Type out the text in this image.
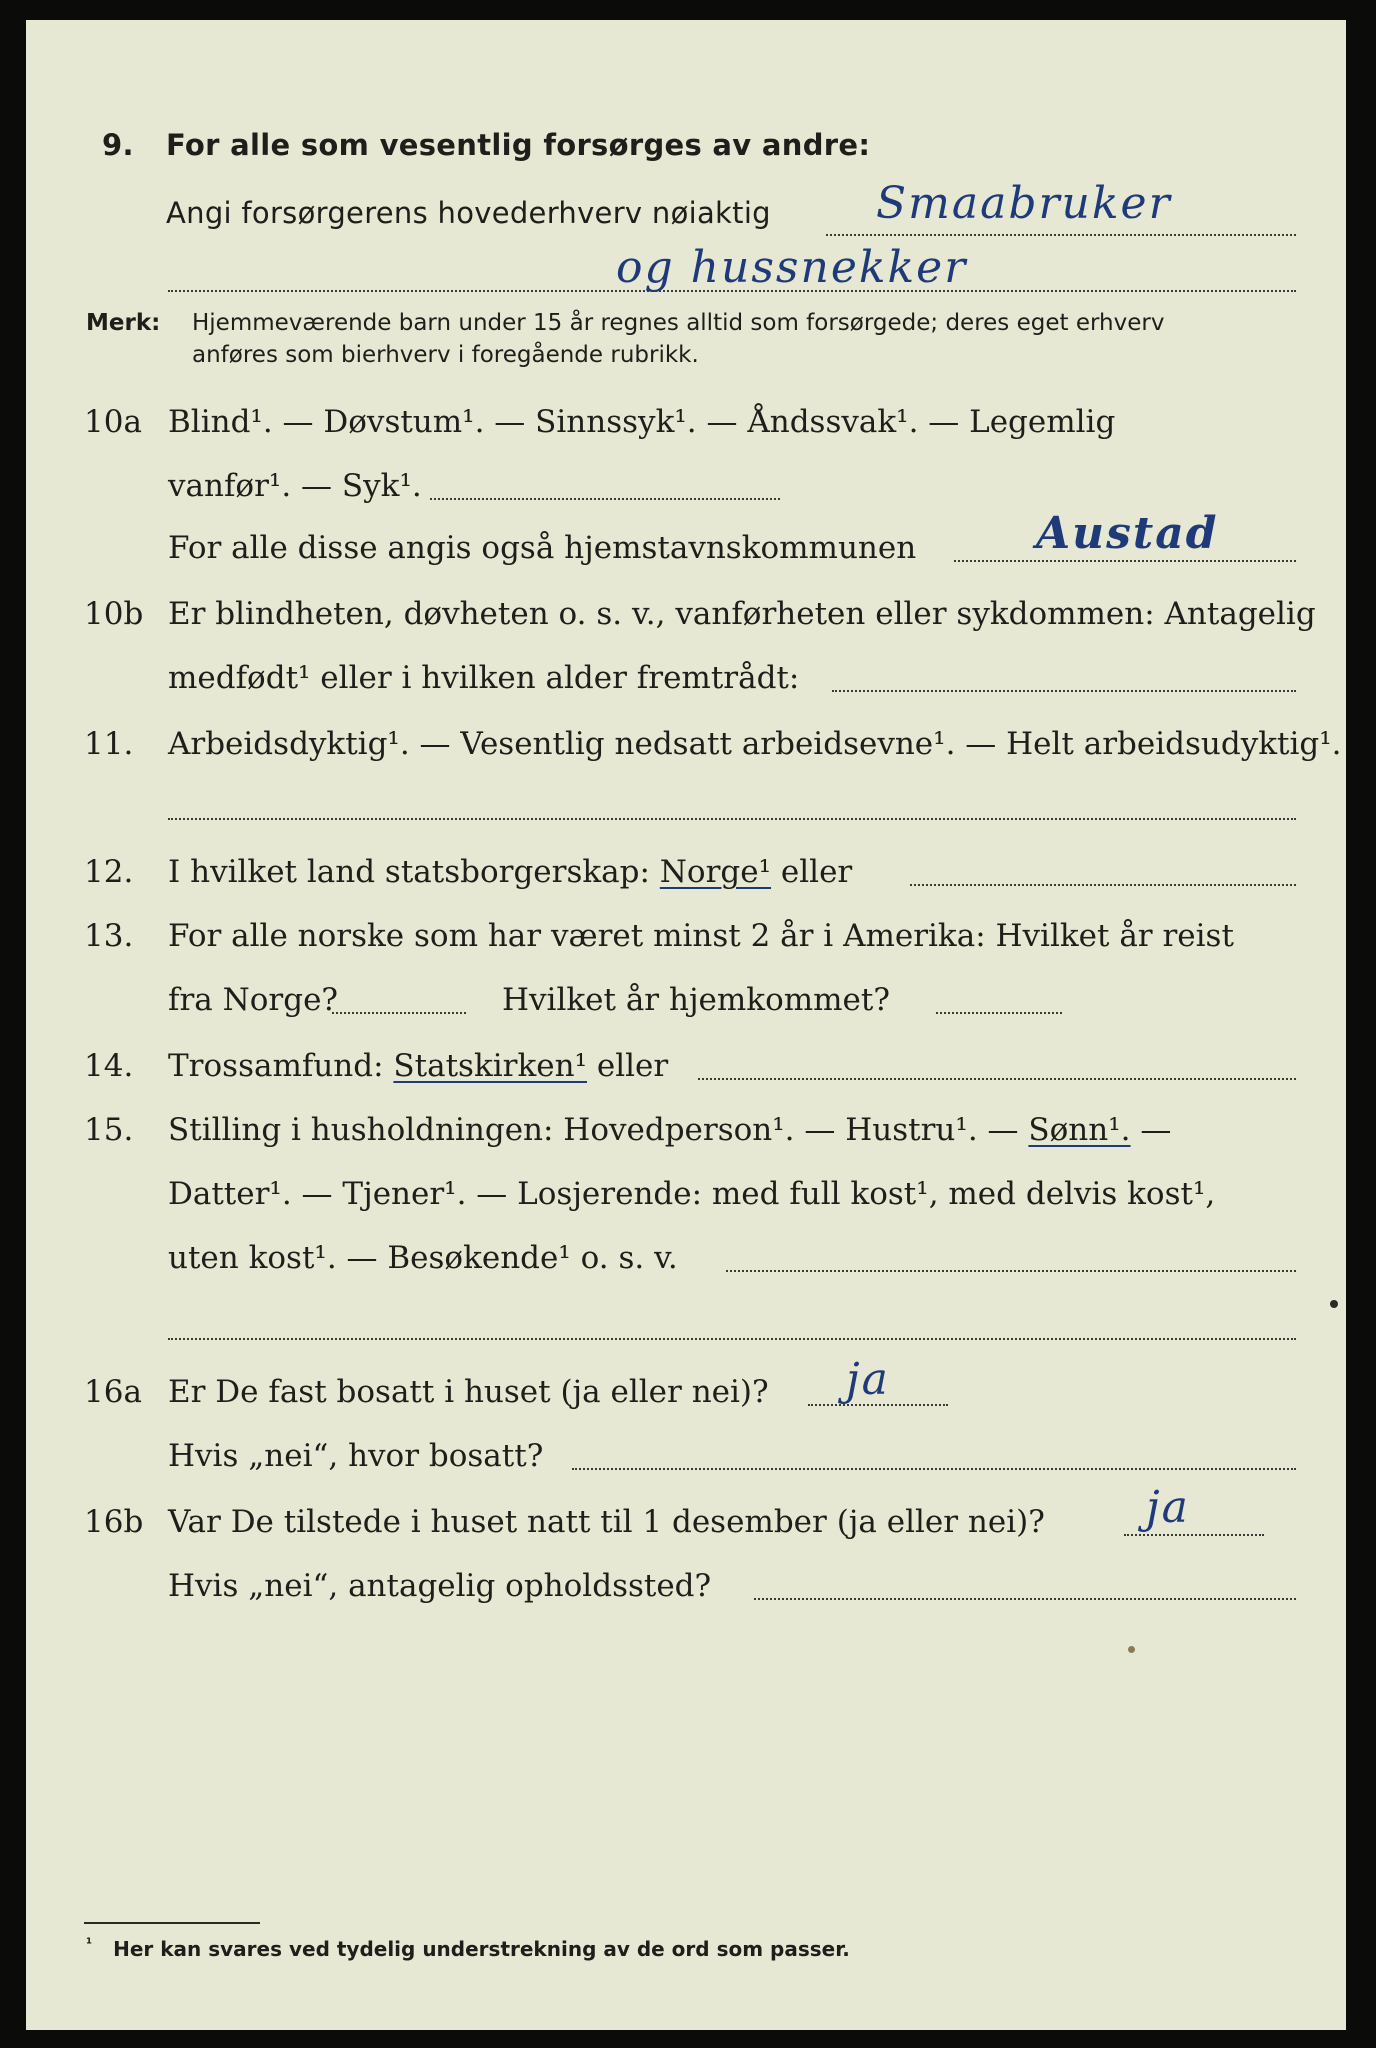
9. For alle som vesentlig forsørges av andre:
Angi forsørgerens hovederhverv nøiaktig Smaabruker
og hussnekker
Merk: Hjemmeværende barn under 15 år regnes alltid som forsørgede; deres eget erhverv
anføres som bierhverv i foregående rubrikk.
10a Blind¹. — Døvstum¹. — Sinnssyk¹. — Åndssvak¹. — Legemlig
vanfør¹. — Syk¹.
For alle disse angis også hjemstavnskommunen	Austad
10b Er blindheten, døvheten o. s. v., vanførheten eller sykdommen: Antagelig
medfødt¹ eller i hvilken alder fremtrådt:
11. Arbeidsdyktig¹. — Vesentlig nedsatt arbeidsevne¹. — Helt arbeidsudyktig¹.
12. I hvilket land statsborgerskap: Norge¹ eller
13. For alle norske som har været minst 2 år i Amerika: Hvilket år reist
fra Norge?	Hvilket år hjemkommet?
14. Trossamfund: Statskirken¹ eller
15. Stilling i husholdningen: Hovedperson¹. — Hustru¹. — Sønn¹. —
Datter¹. — Tjener¹. — Losjerende: med full kost¹, med delvis kost¹,
uten kost¹. — Besøkende¹ o. s. v.
16a Er De fast bosatt i huset (ja eller nei)? ja
Hvis „nei“, hvor bosatt?
16b Var De tilstede i huset natt til 1 desember (ja eller nei)? ja
Hvis „nei“, antagelig opholdssted?
$^{^1}$ Her kan svares ved tydelig understrekning av de ord som passer.
